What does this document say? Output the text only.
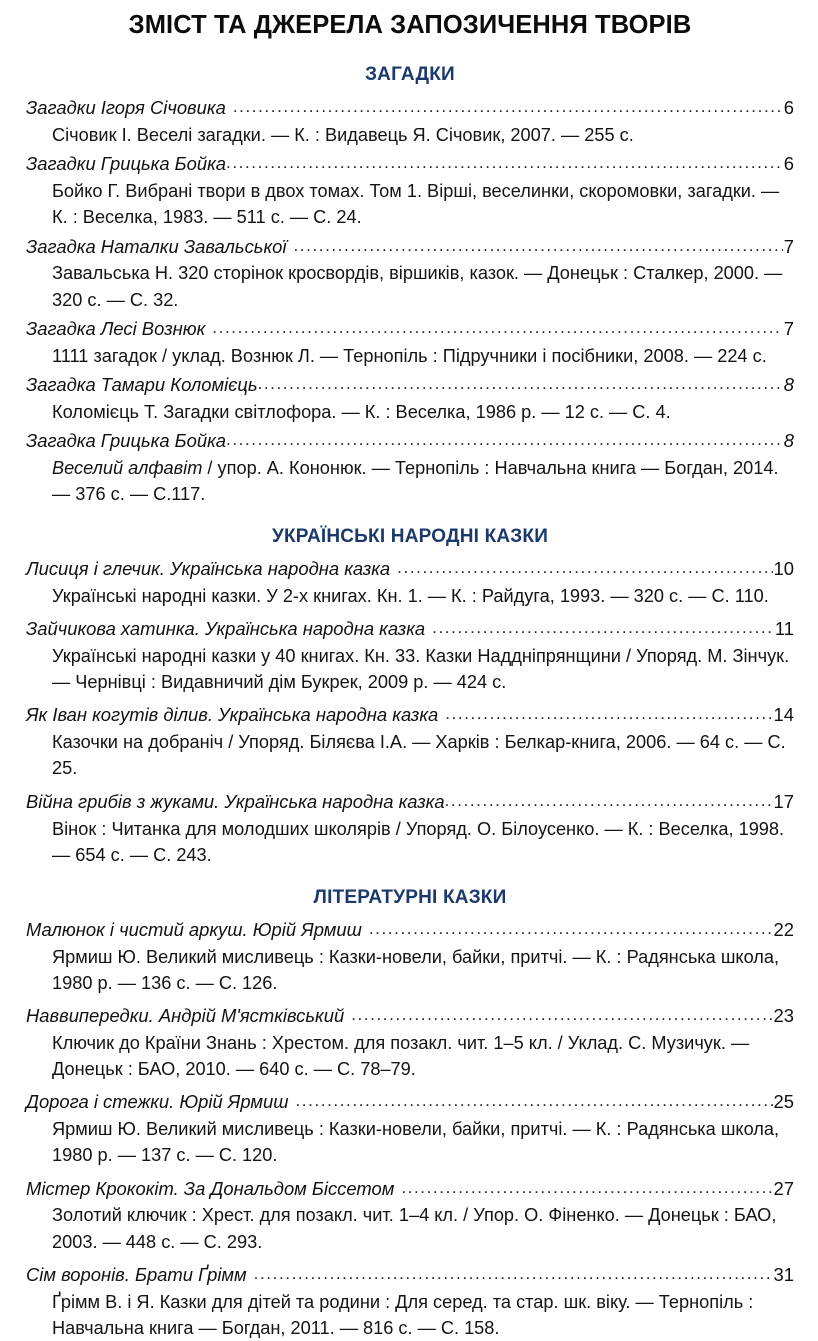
ЗМІСТ ТА ДЖЕРЕЛА ЗАПОЗИЧЕННЯ ТВОРІВ
ЗАГАДКИ
Загадки Ігоря Січовика .....	6
Січовик І. Веселі загадки. — К. : Видавець Я. Січовик, 2007. — 255 с.
Загадки Грицька Бойка .....	6
Бойко Г. Вибрані твори в двох томах. Том 1. Вірші, веселинки, скоромовки, загадки. — К. : Веселка, 1983. — 511 с. — С. 24.
Загадка Наталки Завальської .....	7
Завальська Н. 320 сторінок кросвордів, віршиків, казок. — Донецьк : Сталкер, 2000. — 320 с. — С. 32.
Загадка Лесі Вознюк .....	7
1111 загадок / уклад. Вознюк Л. — Тернопіль : Підручники і посібники, 2008. — 224 с.
Загадка Тамари Коломієць .....	8
Коломієць Т. Загадки світлофора. — К. : Веселка, 1986 р. — 12 с. — С. 4.
Загадка Грицька Бойка .....	8
Веселий алфавіт / упор. А. Кононюк. — Тернопіль : Навчальна книга — Богдан, 2014. — 376 с. — С.117.
УКРАЇНСЬКІ НАРОДНІ КАЗКИ
Лисиця і глечик. Українська народна казка .....	10
Українські народні казки. У 2-х книгах. Кн. 1. — К. : Райдуга, 1993. — 320 с. — С. 110.
Зайчикова хатинка. Українська народна казка .....	11
Українські народні казки у 40 книгах. Кн. 33. Казки Наддніпрянщини / Упоряд. М. Зінчук. — Чернівці : Видавничий дім Букрек, 2009 р. — 424 с.
Як Іван когутів ділив. Українська народна казка .....	14
Казочки на добраніч / Упоряд. Біляєва І.А. — Харків : Белкар-книга, 2006. — 64 с. — С. 25.
Війна грибів з жуками. Українська народна казка .....	17
Вінок : Читанка для молодших школярів / Упоряд. О. Білоусенко. — К. : Веселка, 1998. — 654 с. — С. 243.
ЛІТЕРАТУРНІ КАЗКИ
Малюнок і чистий аркуш. Юрій Ярмиш .....	22
Ярмиш Ю. Великий мисливець : Казки-новели, байки, притчі. — К. : Радянська школа, 1980 р. — 136 с. — С. 126.
Наввипередки. Андрій М'ястківський .....	23
Ключик до Країни Знань : Хрестом. для позакл. чит. 1–5 кл. / Уклад. С. Музичук. — Донецьк : БАО, 2010. — 640 с. — С. 78–79.
Дорога і стежки. Юрій Ярмиш .....	25
Ярмиш Ю. Великий мисливець : Казки-новели, байки, притчі. — К. : Радянська школа, 1980 р. — 137 с. — С. 120.
Містер Крококіт. За Дональдом Біссетом .....	27
Золотий ключик : Хрест. для позакл. чит. 1–4 кл. / Упор. О. Фіненко. — Донецьк : БАО, 2003. — 448 с. — С. 293.
Сім воронів. Брати Ґрімм .....	31
Ґрімм В. і Я. Казки для дітей та родини : Для серед. та стар. шк. віку. — Тернопіль : Навчальна книга — Богдан, 2011. — 816 с. — С. 158.
